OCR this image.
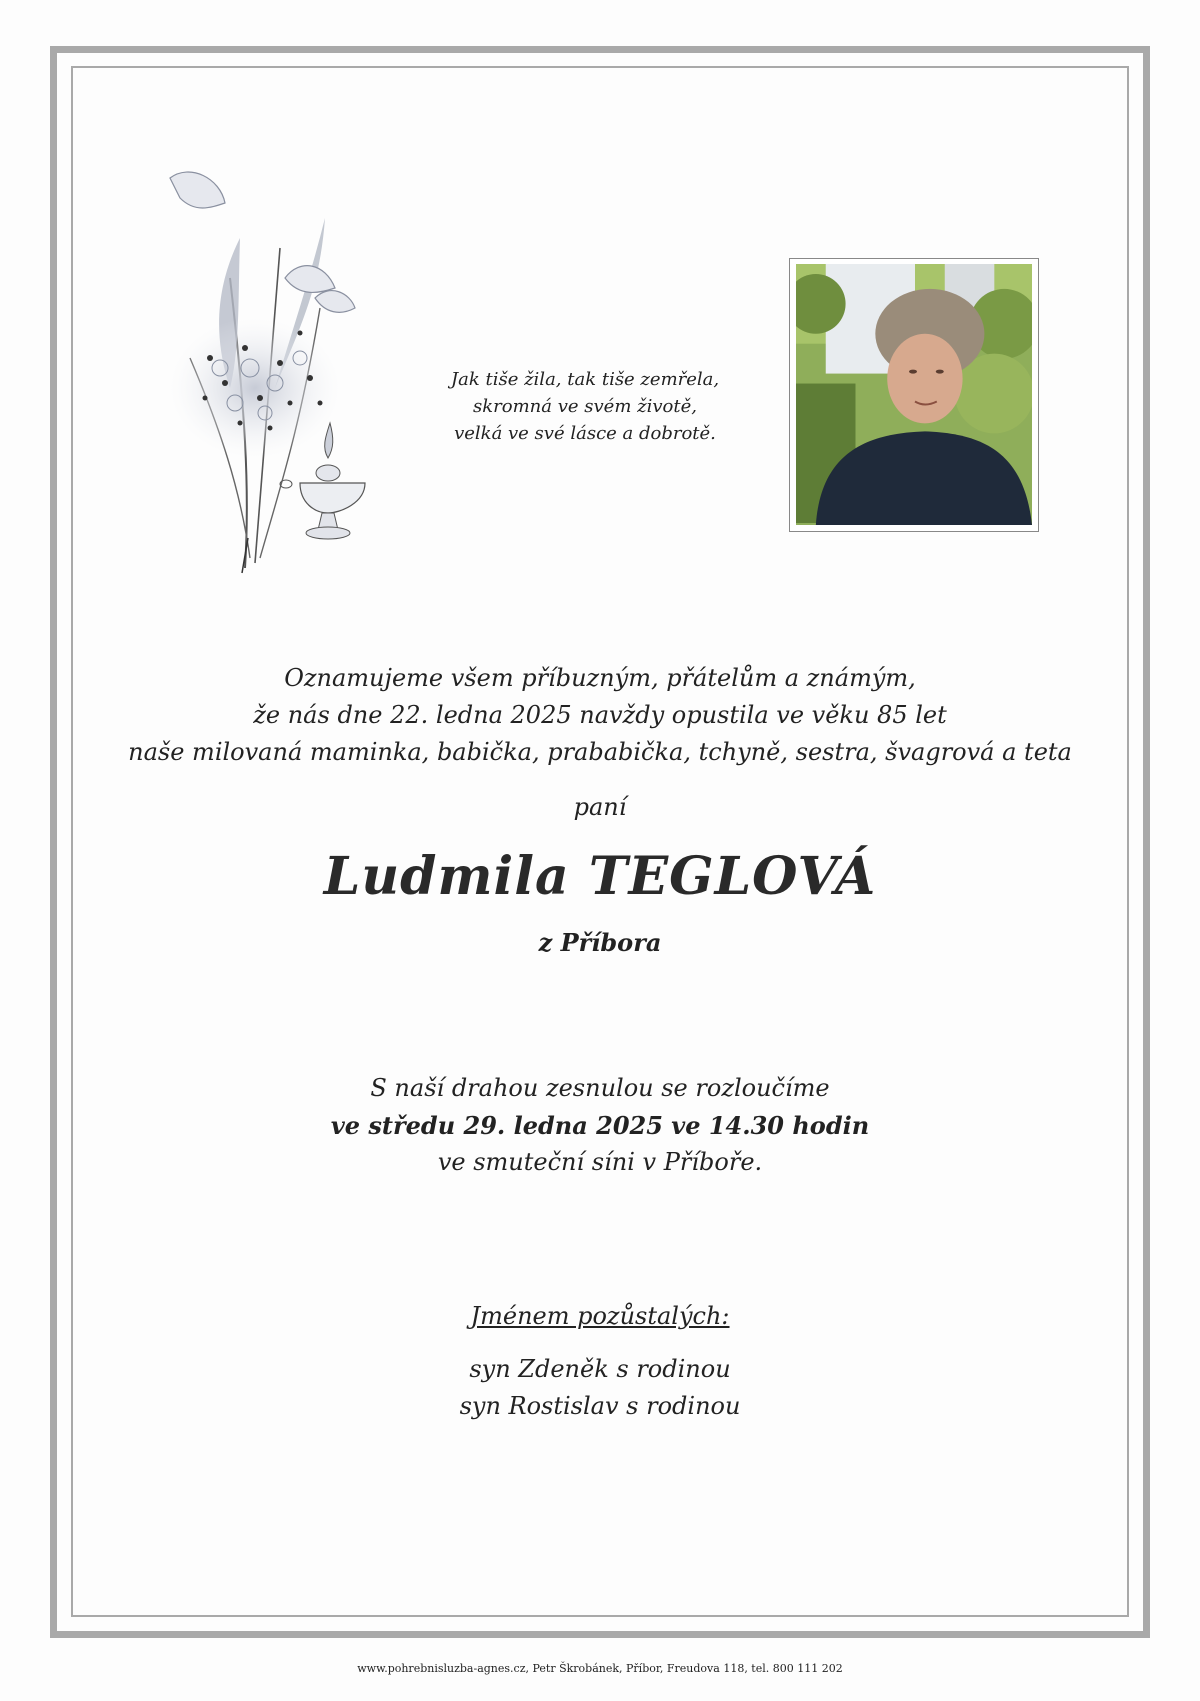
Jak tiše žila, tak tiše zemřela,
skromná ve svém životě,
velká ve své lásce a dobrotě.
Oznamujeme všem příbuzným, přátelům a známým,
že nás dne 22. ledna 2025 navždy opustila ve věku 85 let
naše milovaná maminka, babička, prababička, tchyně, sestra, švagrová a teta
paní
Ludmila TEGLOVÁ
z Příbora
S naší drahou zesnulou se rozloučíme
ve středu 29. ledna 2025 ve 14.30 hodin
ve smuteční síni v Příboře.
Jménem pozůstalých:
syn Zdeněk s rodinou
syn Rostislav s rodinou
www.pohrebnisluzba-agnes.cz, Petr Škrobánek, Příbor, Freudova 118, tel. 800 111 202
